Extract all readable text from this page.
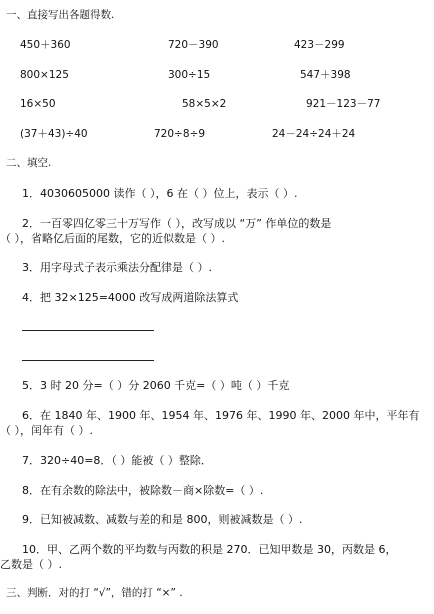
一、直接写出各题得数.
450＋360	720－390	423－299
800×125	300÷15	547＋398
16×50	58×5×2	921－123－77
(37＋43)÷40	720÷8÷9	24－24÷24＋24
二、填空.
1．4030605000 读作（ ），6 在（ ）位上，表示（ ）.
2．一百零四亿零三十万写作（ ），改写成以 “万” 作单位的数是
（ ），省略亿后面的尾数，它的近似数是（ ）.
3．用字母式子表示乘法分配律是（ ）.
4．把 32×125=4000 改写成两道除法算式
5．3 时 20 分=（ ）分 2060 千克=（ ）吨（ ）千克
6．在 1840 年、1900 年、1954 年、1976 年、1990 年、2000 年中，平年有
（ ），闰年有（ ）.
7．320÷40=8．（ ）能被（ ）整除．
8．在有余数的除法中，被除数－商×除数=（ ）.
9．已知被减数、减数与差的和是 800，则被减数是（ ）.
10．甲、乙两个数的平均数与丙数的积是 270．已知甲数是 30，丙数是 6，
乙数是（ ）.
三、判断．对的打 “√”，错的打 “×” .
